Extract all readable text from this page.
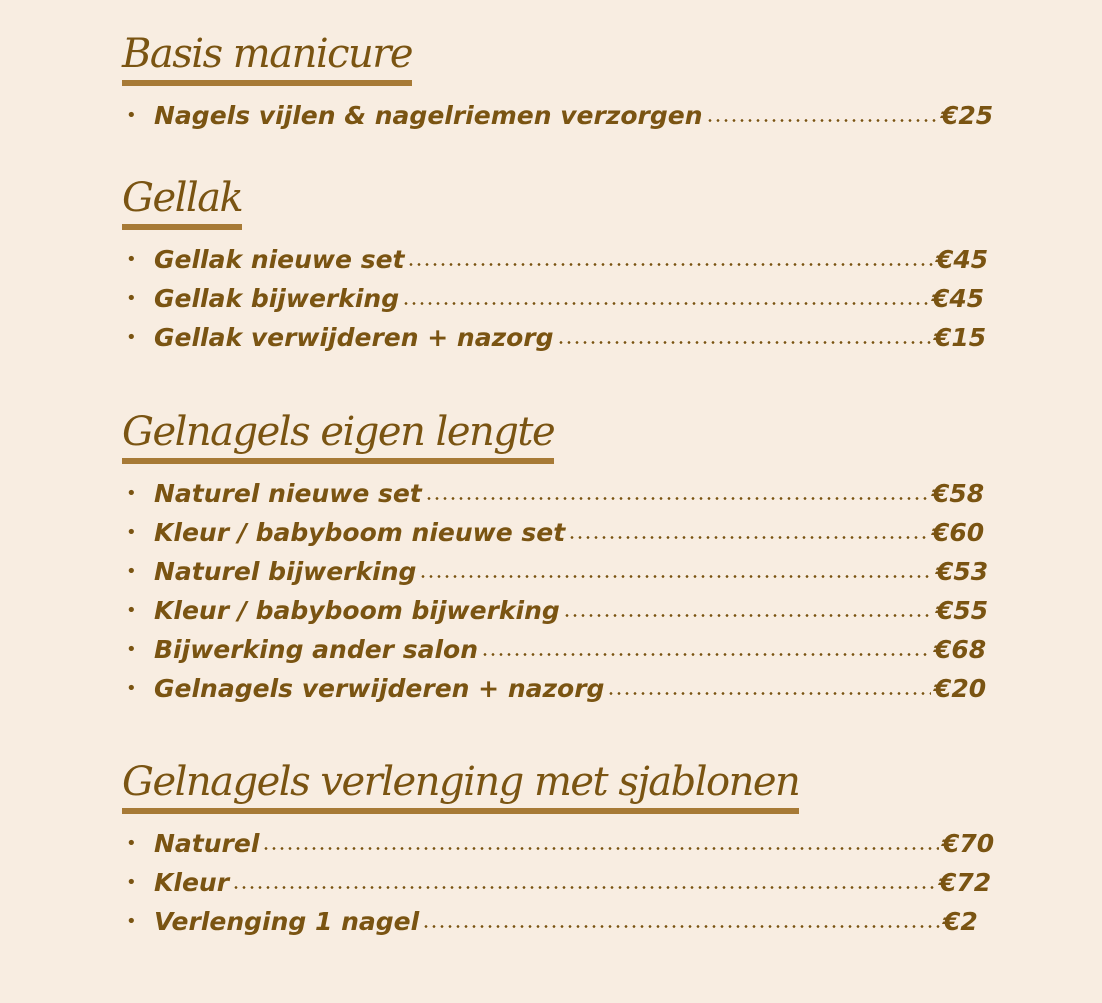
Basis manicure
• Nagels vijlen & nagelriemen verzorgen	€25
Gellak
• Gellak nieuwe set	€45
• Gellak bijwerking	€45
• Gellak verwijderen + nazorg	€15
Gelnagels eigen lengte
• Naturel nieuwe set	€58
• Kleur / babyboom nieuwe set	€60
• Naturel bijwerking	€53
• Kleur / babyboom bijwerking	€55
• Bijwerking ander salon	€68
• Gelnagels verwijderen + nazorg	€20
Gelnagels verlenging met sjablonen
• Naturel	€70
• Kleur	€72
• Verlenging 1 nagel	€2
